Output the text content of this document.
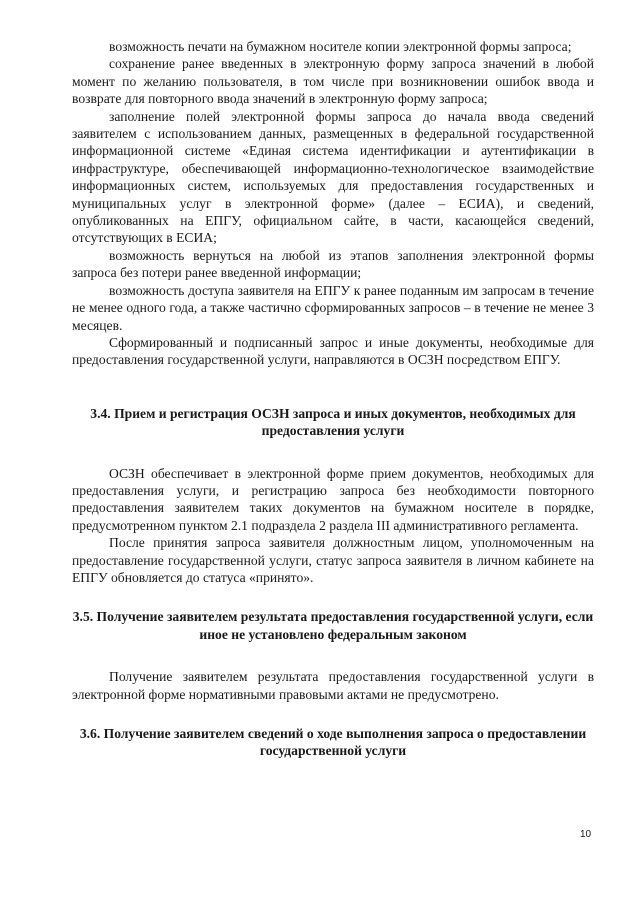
возможность печати на бумажном носителе копии электронной формы запроса;

сохранение ранее введенных в электронную форму запроса значений в любой момент по желанию пользователя, в том числе при возникновении ошибок ввода и возврате для повторного ввода значений в электронную форму запроса;

заполнение полей электронной формы запроса до начала ввода сведений заявителем с использованием данных, размещенных в федеральной государственной информационной системе «Единая система идентификации и аутентификации в инфраструктуре, обеспечивающей информационно-технологическое взаимодействие информационных систем, используемых для предоставления государственных и муниципальных услуг в электронной форме» (далее – ЕСИА), и сведений, опубликованных на ЕПГУ, официальном сайте, в части, касающейся сведений, отсутствующих в ЕСИА;

возможность вернуться на любой из этапов заполнения электронной формы запроса без потери ранее введенной информации;

возможность доступа заявителя на ЕПГУ к ранее поданным им запросам в течение не менее одного года, а также частично сформированных запросов – в течение не менее 3 месяцев.

Сформированный и подписанный запрос и иные документы, необходимые для предоставления государственной услуги, направляются в ОСЗН посредством ЕПГУ.

3.4. Прием и регистрация ОСЗН запроса и иных документов, необходимых для предоставления услуги

ОСЗН обеспечивает в электронной форме прием документов, необходимых для предоставления услуги, и регистрацию запроса без необходимости повторного предоставления заявителем таких документов на бумажном носителе в порядке, предусмотренном пунктом 2.1 подраздела 2 раздела III административного регламента.

После принятия запроса заявителя должностным лицом, уполномоченным на предоставление государственной услуги, статус запроса заявителя в личном кабинете на ЕПГУ обновляется до статуса «принято».

3.5. Получение заявителем результата предоставления государственной услуги, если иное не установлено федеральным законом

Получение заявителем результата предоставления государственной услуги в электронной форме нормативными правовыми актами не предусмотрено.

3.6. Получение заявителем сведений о ходе выполнения запроса о предоставлении государственной услуги
10
